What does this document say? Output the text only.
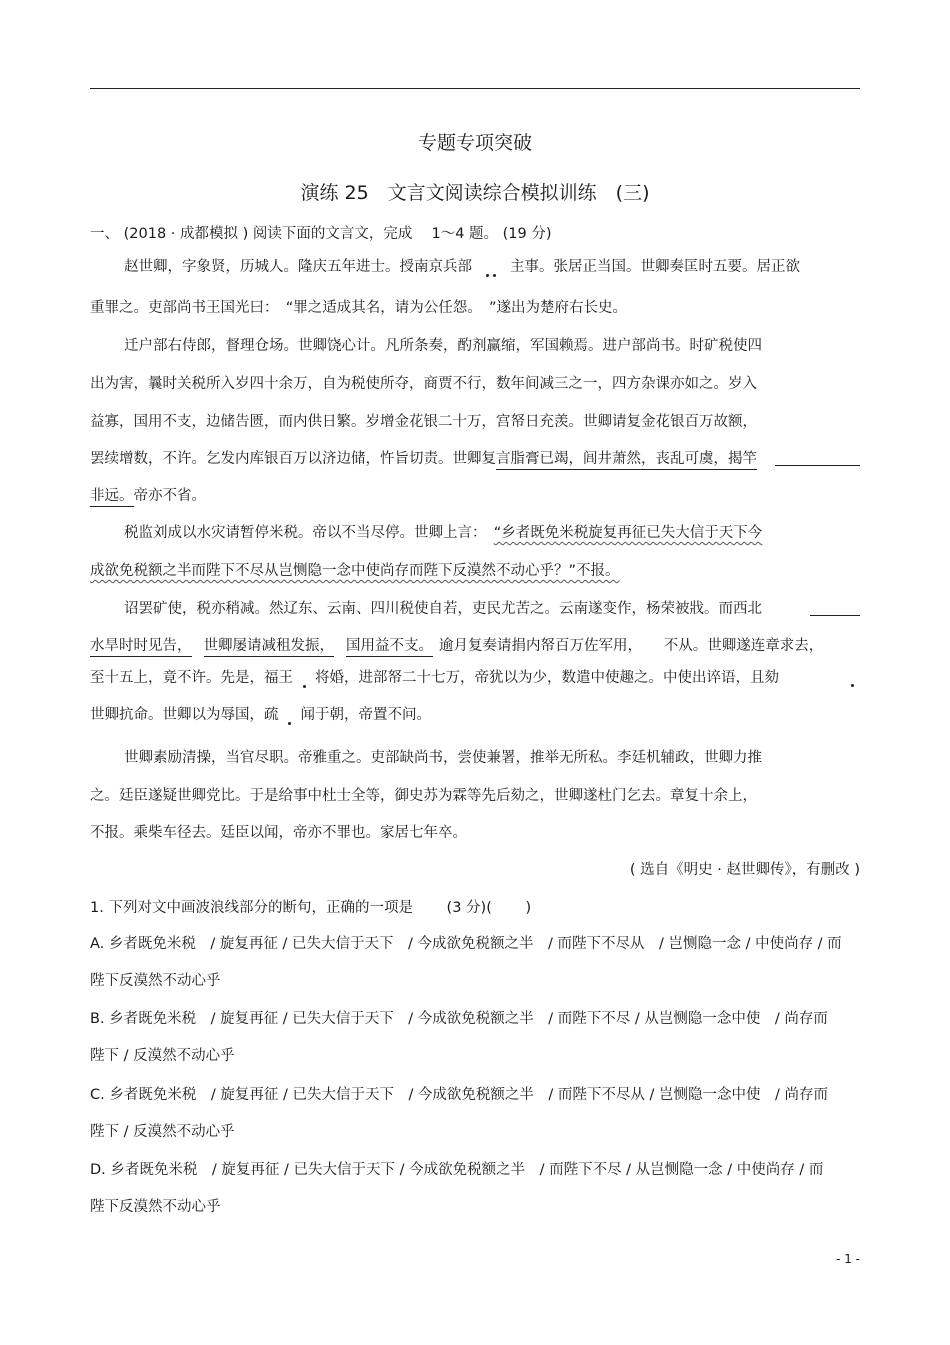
专题专项突破
演练 25　文言文阅读综合模拟训练　(三)
一、 (2018 · 成都模拟 ) 阅读下面的文言文，完成　 1～4 题。 (19 分)
赵世卿，字象贤，历城人。隆庆五年进士。授南京兵部	主事。张居正当国。世卿奏匡时五要。居正欲
重罪之。吏部尚书王国光曰：　“罪之适成其名，请为公任怨。　”遂出为楚府右长史。
迁户部右侍郎，督理仓场。世卿饶心计。凡所条奏，酌剂赢缩，军国赖焉。进户部尚书。时矿税使四
出为害，曩时关税所入岁四十余万，自为税使所夺，商贾不行，数年间减三之一，四方杂课亦如之。岁入
益寡，国用不支，边储告匮，而内供日繁。岁增金花银二十万，宫帑日充羡。世卿请复金花银百万故额，
罢续增数，不许。乞发内库银百万以济边储，忤旨切责。世卿复言脂膏已竭，闾井萧然，丧乱可虞，揭竿
非远。帝亦不省。
税监刘成以水灾请暂停米税。帝以不当尽停。世卿上言：　“乡者既免米税旋复再征已失大信于天下今
成欲免税额之半而陛下不尽从岂恻隐一念中使尚存而陛下反漠然不动心乎？”不报。
诏罢矿使，税亦稍减。然辽东、云南、四川税使自若，吏民尤苦之。云南遂变作，杨荣被戕。而西北
水旱时时见告， 世卿屡请减租发振， 国用益不支。 逾月复奏请捐内帑百万佐军用，　　不从。世卿遂连章求去，
至十五上，竟不许。先是，福王 将婚，进部帑二十七万，帝犹以为少，数遣中使趣之。中使出谇语，且劾
世卿抗命。世卿以为辱国，疏 闻于朝，帝置不问。
世卿素励清操，当官尽职。帝雅重之。吏部缺尚书，尝使兼署，推举无所私。李廷机辅政，世卿力推
之。廷臣遂疑世卿党比。于是给事中杜士全等，御史苏为霖等先后劾之，世卿遂杜门乞去。章复十余上，
不报。乘柴车径去。廷臣以闻，帝亦不罪也。家居七年卒。
( 选自《明史 · 赵世卿传》，有删改 )
1. 下列对文中画波浪线部分的断句，正确的一项是　　 (3 分)(　　 )
A. 乡者既免米税　/ 旋复再征 / 已失大信于天下　/ 今成欲免税额之半　/ 而陛下不尽从　/ 岂恻隐一念 / 中使尚存 / 而
陛下反漠然不动心乎
B. 乡者既免米税　/ 旋复再征 / 已失大信于天下　/ 今成欲免税额之半　/ 而陛下不尽 / 从岂恻隐一念中使　/ 尚存而
陛下 / 反漠然不动心乎
C. 乡者既免米税　/ 旋复再征 / 已失大信于天下　/ 今成欲免税额之半　/ 而陛下不尽从 / 岂恻隐一念中使　/ 尚存而
陛下 / 反漠然不动心乎
D. 乡者既免米税　/ 旋复再征 / 已失大信于天下 / 今成欲免税额之半　/ 而陛下不尽 / 从岂恻隐一念 / 中使尚存 / 而
陛下反漠然不动心乎
- 1 -
